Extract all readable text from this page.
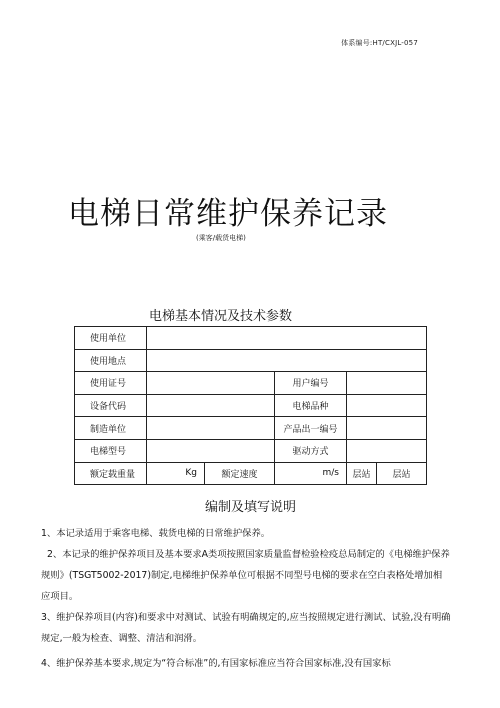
体系编号:HT/CXJL-057
电梯日常维护保养记录
(乘客/载货电梯)
电梯基本情况及技术参数
使用单位					
使用地点					
使用证号			用户编号		
设备代码			电梯品种		
制造单位			产品出一编号		
电梯型号			驱动方式		
额定载重量	Kg	额定速度	m/s	层站	层站
编制及填写说明

1、本记录适用于乘客电梯、载货电梯的日常维护保养。

2、本记录的维护保养项目及基本要求A类项按照国家质量监督检验检疫总局制定的《电梯维护保养规则》(TSGT5002-2017)制定,电梯维护保养单位可根据不同型号电梯的要求在空白表格处增加相应项目。

3、维护保养项目(内容)和要求中对测试、试验有明确规定的,应当按照规定进行测试、试验,没有明确规定,一般为检查、调整、清洁和润滑。

4、维护保养基本要求,规定为“符合标准”的,有国家标准应当符合国家标准,没有国家标
